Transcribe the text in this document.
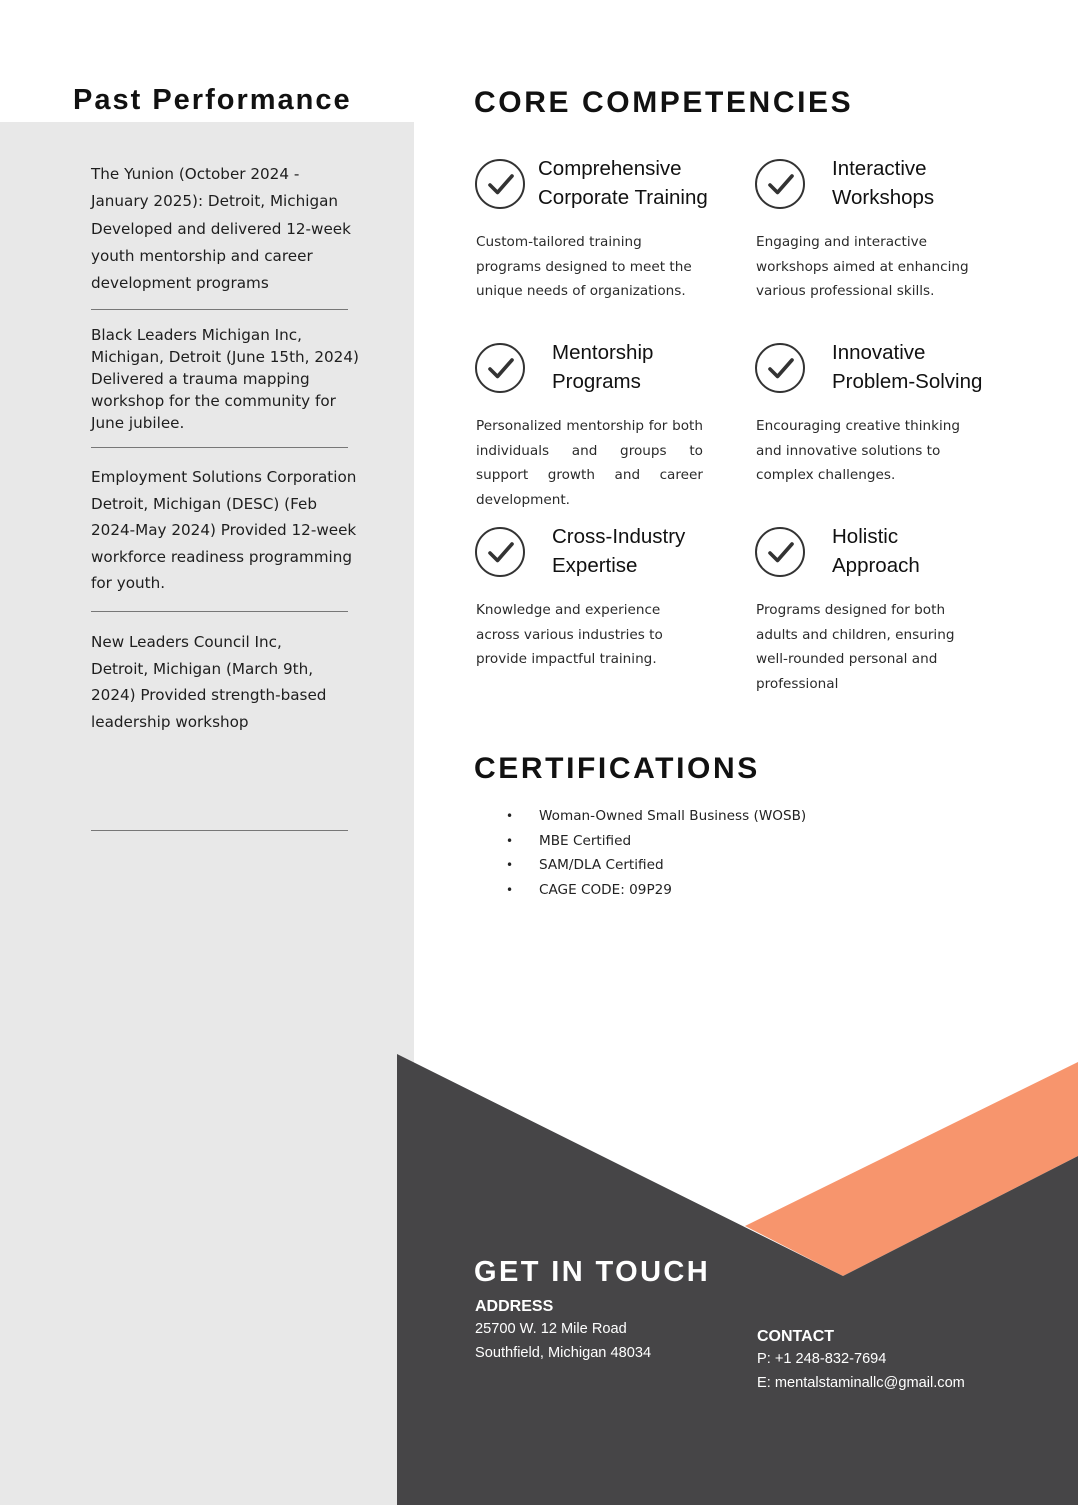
Past Performance
The Yunion (October 2024 - January 2025): Detroit, Michigan Developed and delivered 12-week youth mentorship and career development programs
Black Leaders Michigan Inc, Michigan, Detroit (June 15th, 2024) Delivered a trauma mapping workshop for the community for June jubilee.
Employment Solutions Corporation Detroit, Michigan (DESC) (Feb 2024-May 2024) Provided 12-week workforce readiness programming for youth.
New Leaders Council Inc, Detroit, Michigan (March 9th, 2024) Provided strength-based leadership workshop
CORE COMPETENCIES
Comprehensive
Corporate Training
Custom-tailored training programs designed to meet the unique needs of organizations.
Interactive
Workshops
Engaging and interactive workshops aimed at enhancing various professional skills.
Mentorship
Programs
Personalized mentorship for both individuals and groups to support growth and career development.
Innovative
Problem-Solving
Encouraging creative thinking and innovative solutions to complex challenges.
Cross-Industry
Expertise
Knowledge and experience across various industries to provide impactful training.
Holistic
Approach
Programs designed for both adults and children, ensuring well-rounded personal and professional
CERTIFICATIONS
• Woman-Owned Small Business (WOSB)
• MBE Certified
• SAM/DLA Certified
• CAGE CODE: 09P29
GET IN TOUCH
ADDRESS
25700 W. 12 Mile Road
Southfield, Michigan 48034
CONTACT
P: +1 248-832-7694
E: mentalstaminallc@gmail.com
